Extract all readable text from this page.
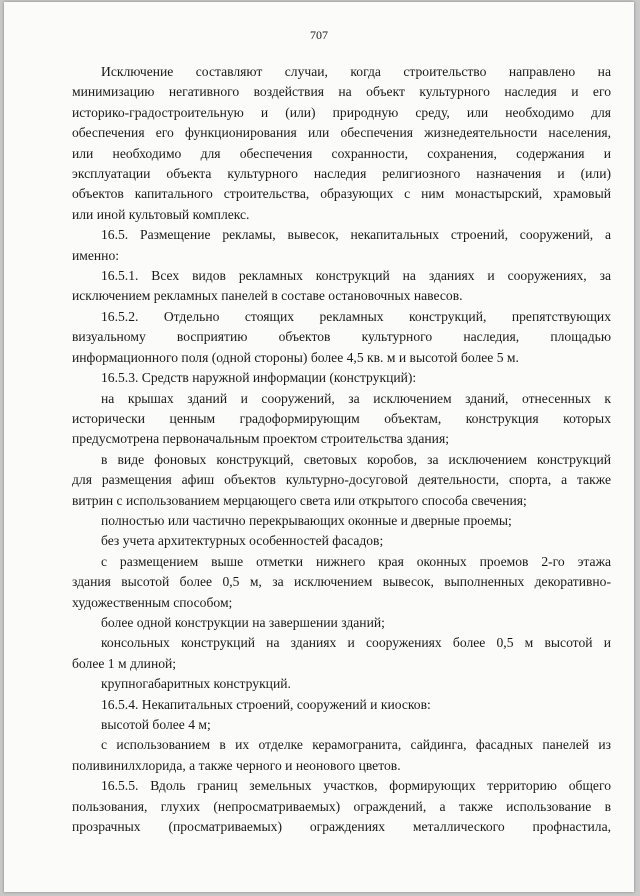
707

Исключение составляют случаи, когда строительство направлено на

минимизацию негативного воздействия на объект культурного наследия и его

историко-градостроительную и (или) природную среду, или необходимо для

обеспечения его функционирования или обеспечения жизнедеятельности населения,

или необходимо для обеспечения сохранности, сохранения, содержания и

эксплуатации объекта культурного наследия религиозного назначения и (или)

объектов капитального строительства, образующих с ним монастырский, храмовый

или иной культовый комплекс.

16.5. Размещение рекламы, вывесок, некапитальных строений, сооружений, а

именно:

16.5.1. Всех видов рекламных конструкций на зданиях и сооружениях, за

исключением рекламных панелей в составе остановочных навесов.

16.5.2. Отдельно стоящих рекламных конструкций, препятствующих

визуальному восприятию объектов культурного наследия, площадью

информационного поля (одной стороны) более 4,5 кв. м и высотой более 5 м.

16.5.3. Средств наружной информации (конструкций):

на крышах зданий и сооружений, за исключением зданий, отнесенных к

исторически ценным градоформирующим объектам, конструкция которых

предусмотрена первоначальным проектом строительства здания;

в виде фоновых конструкций, световых коробов, за исключением конструкций

для размещения афиш объектов культурно-досуговой деятельности, спорта, а также

витрин с использованием мерцающего света или открытого способа свечения;

полностью или частично перекрывающих оконные и дверные проемы;

без учета архитектурных особенностей фасадов;

с размещением выше отметки нижнего края оконных проемов 2-го этажа

здания высотой более 0,5 м, за исключением вывесок, выполненных декоративно-

художественным способом;

более одной конструкции на завершении зданий;

консольных конструкций на зданиях и сооружениях более 0,5 м высотой и

более 1 м длиной;

крупногабаритных конструкций.

16.5.4. Некапитальных строений, сооружений и киосков:

высотой более 4 м;

с использованием в их отделке керамогранита, сайдинга, фасадных панелей из

поливинилхлорида, а также черного и неонового цветов.

16.5.5. Вдоль границ земельных участков, формирующих территорию общего

пользования, глухих (непросматриваемых) ограждений, а также использование в

прозрачных (просматриваемых) ограждениях металлического профнастила,
